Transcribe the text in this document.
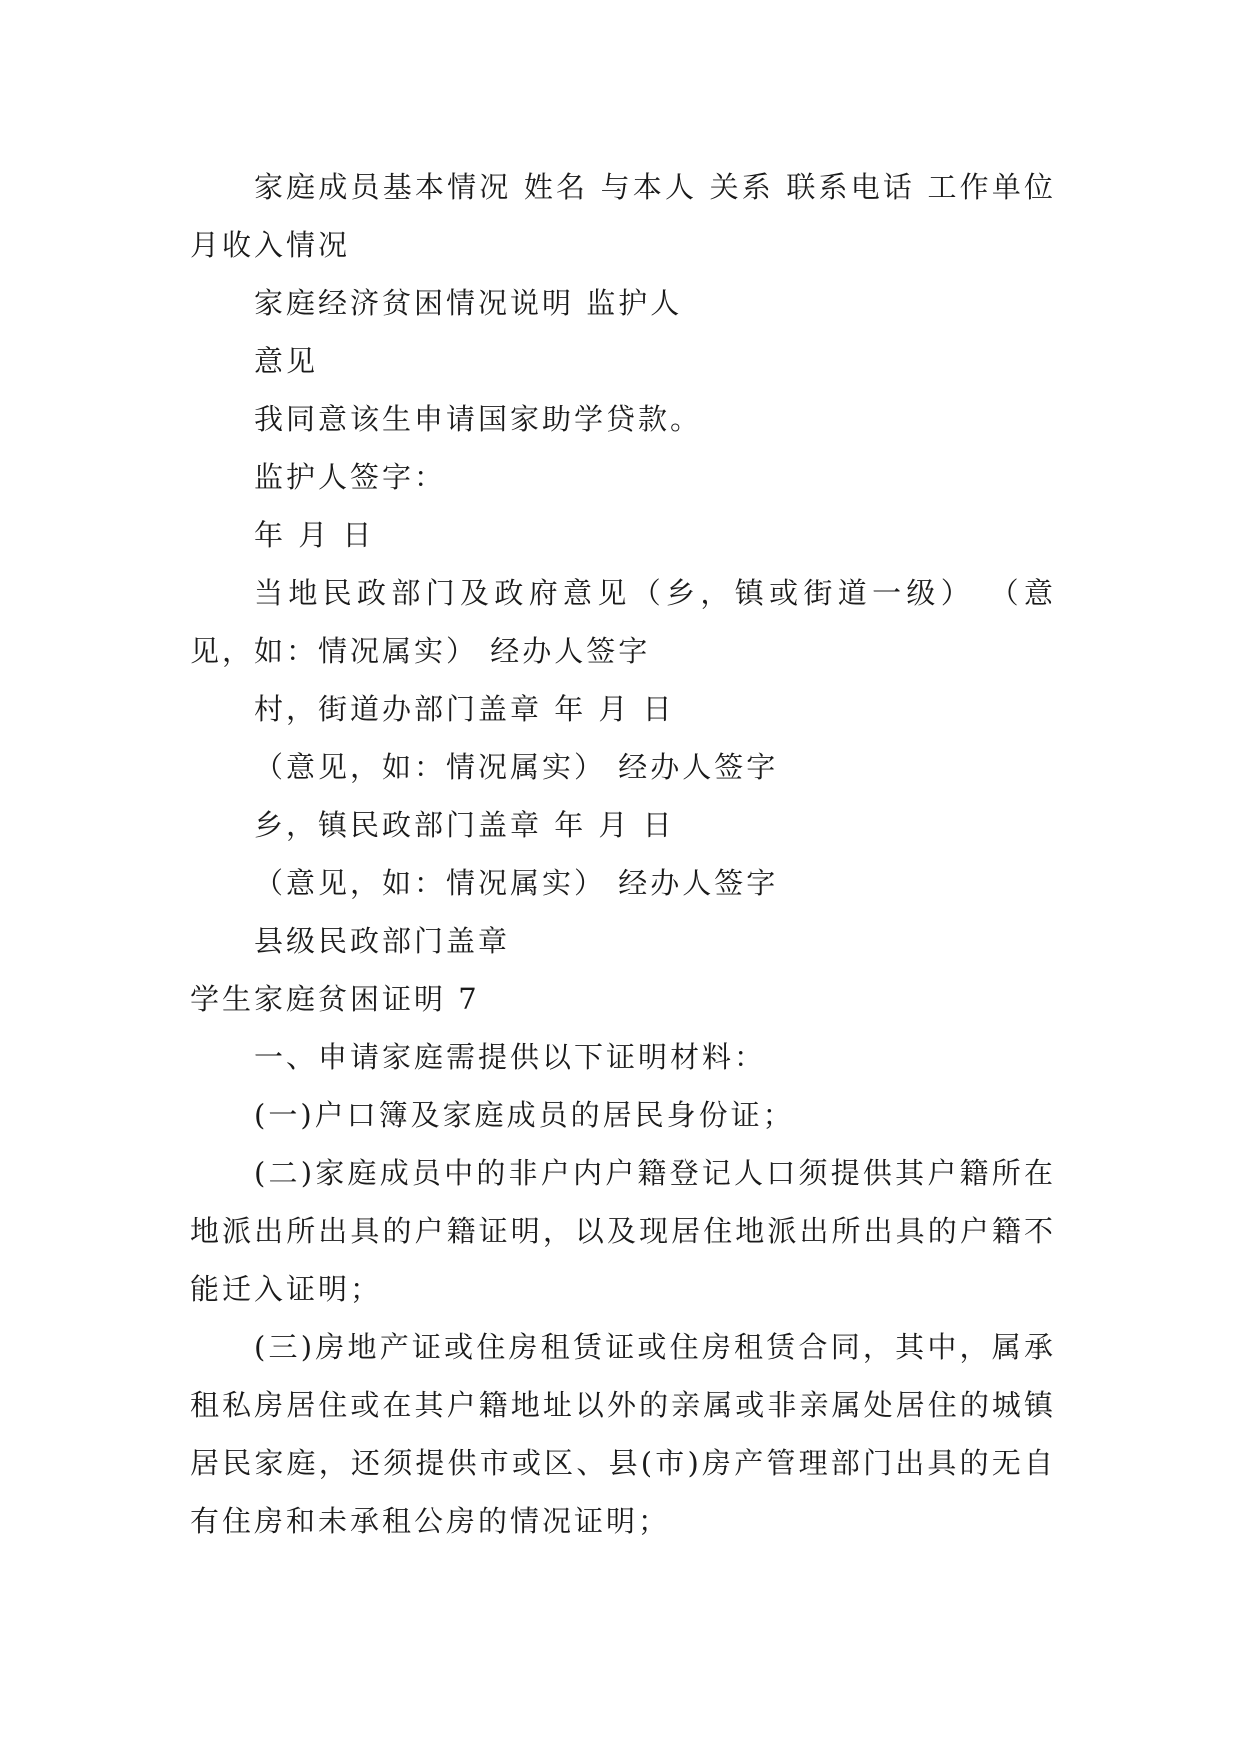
家庭成员基本情况 姓名 与本人 关系 联系电话 工作单位 月收入情况

家庭经济贫困情况说明 监护人

意见

我同意该生申请国家助学贷款。

监护人签字：

年 月 日

当地民政部门及政府意见（乡，镇或街道一级） （意见，如：情况属实） 经办人签字

村，街道办部门盖章 年 月 日

（意见，如：情况属实） 经办人签字

乡，镇民政部门盖章 年 月 日

（意见，如：情况属实） 经办人签字

县级民政部门盖章

学生家庭贫困证明 7

一、申请家庭需提供以下证明材料：

(一)户口簿及家庭成员的居民身份证；

(二)家庭成员中的非户内户籍登记人口须提供其户籍所在地派出所出具的户籍证明，以及现居住地派出所出具的户籍不能迁入证明；

(三)房地产证或住房租赁证或住房租赁合同，其中，属承租私房居住或在其户籍地址以外的亲属或非亲属处居住的城镇居民家庭，还须提供市或区、县(市)房产管理部门出具的无自有住房和未承租公房的情况证明；
